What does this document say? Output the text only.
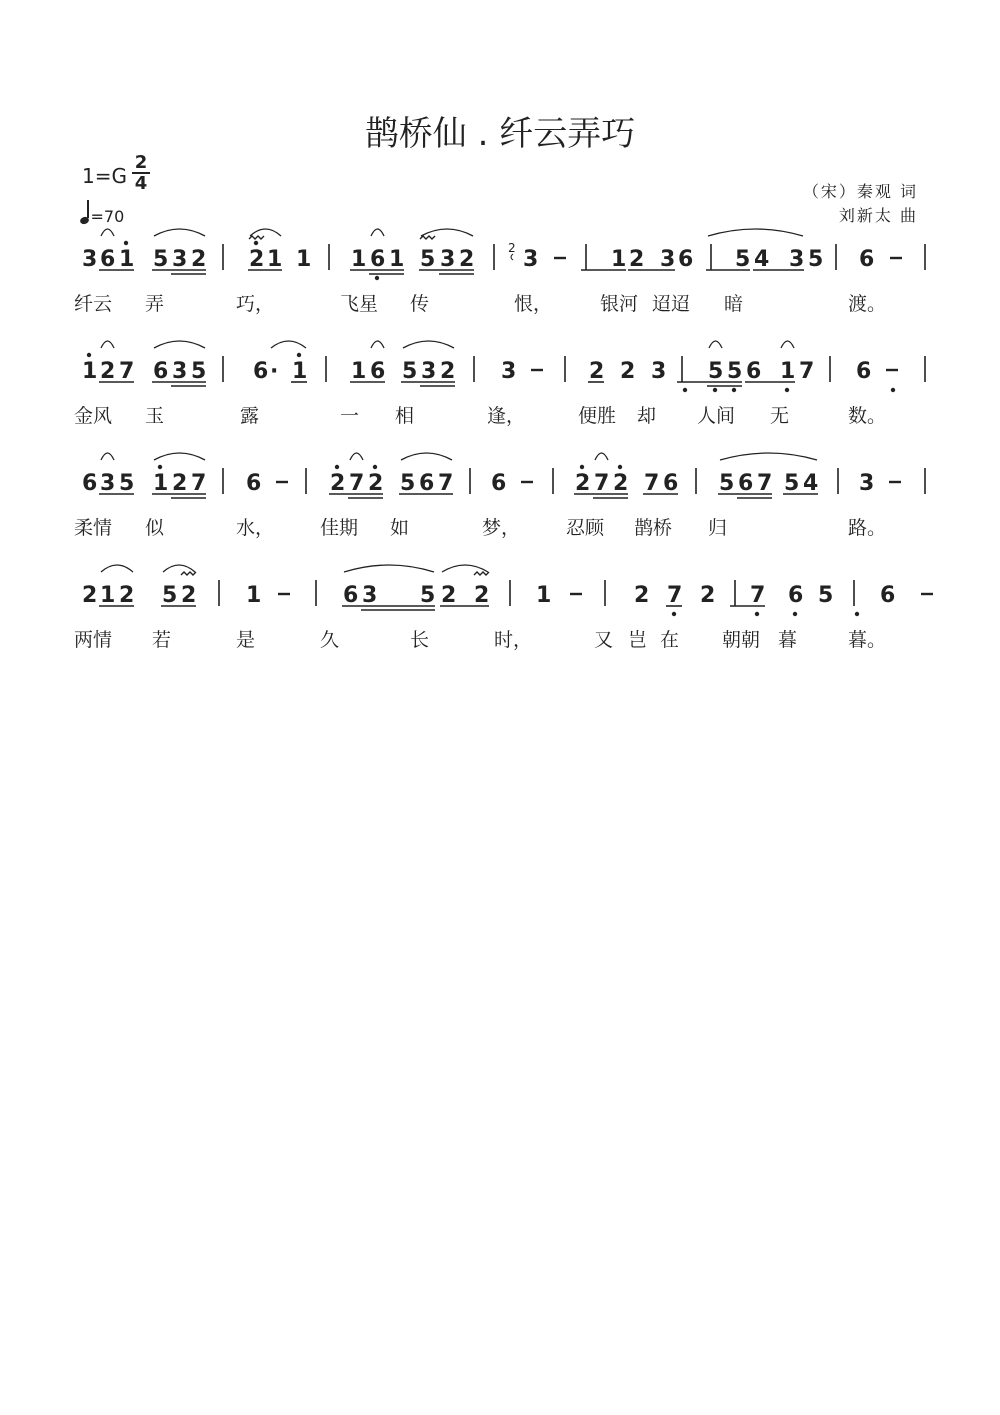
鹊桥仙 . 纤云弄巧
$1=G \frac{2}{4}$
=70
（宋）秦观 词
刘新太 曲
3 6 1 5 3 2 2 1 1 1 6 1 5 3 2 3	1 2 3 6 5 4 3 5 6
纤云 弄	巧，	飞星 传	恨，	银河 迢迢 暗	渡。
1 2 7 6 3 5 6 · 1 1 6 5 3 2 3	2 2 3 5 5 6 1 7 6
金风 玉	露	一 相	逢，	便胜 却 人间 无	数。
6 3 5 1 2 7 6	2 7 2 5 6 7 6	2 7 2 7 6 5 6 7 5 4 3
柔情 似	水， 佳期 如	梦， 忍顾 鹊桥 归	路。
2 1 2 5 2 1	6 3 5 2 2 1	2 7 2 7 6 5 6
两情 若	是	久	长	时，	又 岂 在 朝朝 暮	暮。
2
